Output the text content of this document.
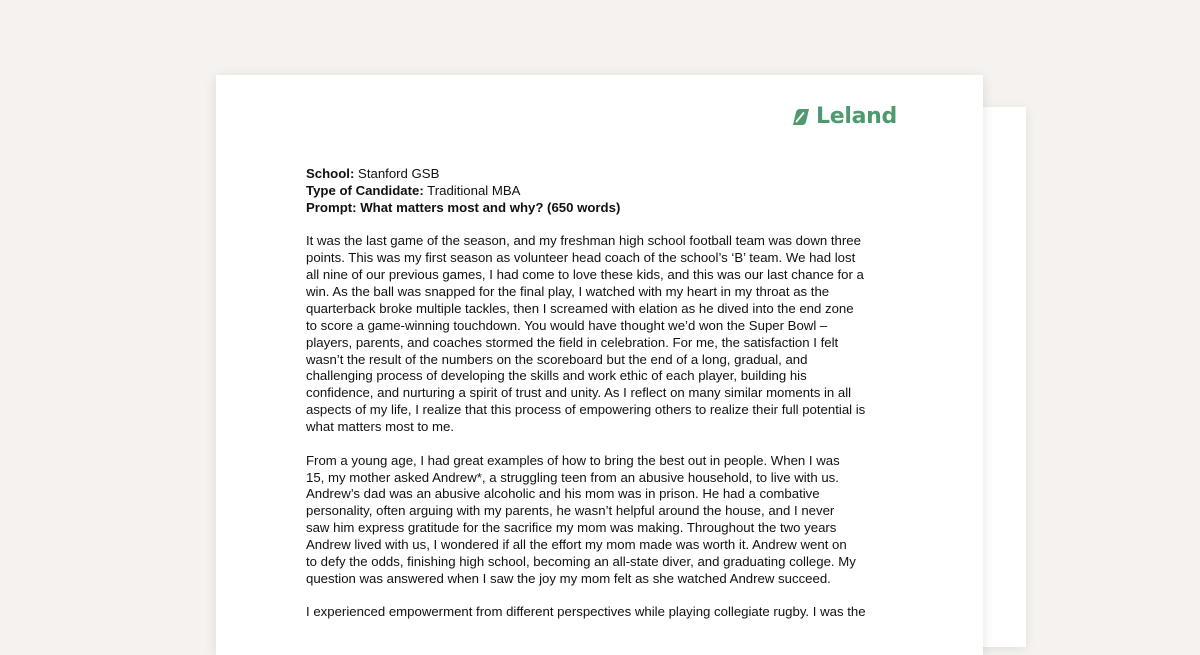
Leland
School: Stanford GSB
Type of Candidate: Traditional MBA
Prompt: What matters most and why? (650 words)

It was the last game of the season, and my freshman high school football team was down three
points. This was my first season as volunteer head coach of the school’s ‘B’ team. We had lost
all nine of our previous games, I had come to love these kids, and this was our last chance for a
win. As the ball was snapped for the final play, I watched with my heart in my throat as the
quarterback broke multiple tackles, then I screamed with elation as he dived into the end zone
to score a game-winning touchdown. You would have thought we’d won the Super Bowl –
players, parents, and coaches stormed the field in celebration. For me, the satisfaction I felt
wasn’t the result of the numbers on the scoreboard but the end of a long, gradual, and
challenging process of developing the skills and work ethic of each player, building his
confidence, and nurturing a spirit of trust and unity. As I reflect on many similar moments in all
aspects of my life, I realize that this process of empowering others to realize their full potential is
what matters most to me.

From a young age, I had great examples of how to bring the best out in people. When I was
15, my mother asked Andrew*, a struggling teen from an abusive household, to live with us.
Andrew’s dad was an abusive alcoholic and his mom was in prison. He had a combative
personality, often arguing with my parents, he wasn’t helpful around the house, and I never
saw him express gratitude for the sacrifice my mom was making. Throughout the two years
Andrew lived with us, I wondered if all the effort my mom made was worth it. Andrew went on
to defy the odds, finishing high school, becoming an all-state diver, and graduating college. My
question was answered when I saw the joy my mom felt as she watched Andrew succeed.

I experienced empowerment from different perspectives while playing collegiate rugby. I was the
